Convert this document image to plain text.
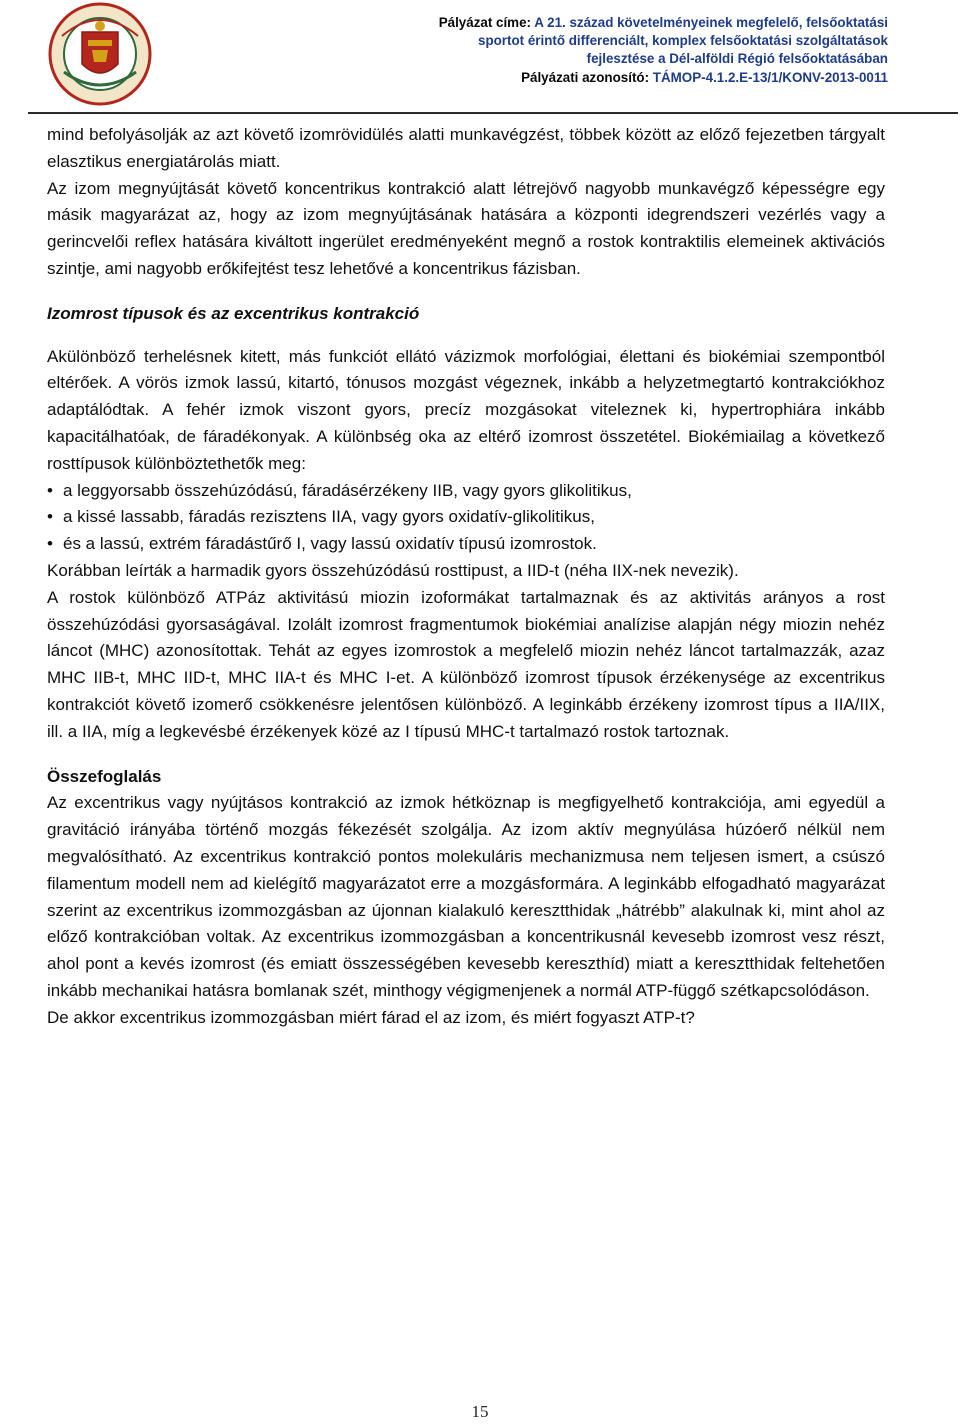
Pályázat címe: A 21. század követelményeinek megfelelő, felsőoktatási
sportot érintő differenciált, komplex felsőoktatási szolgáltatások
fejlesztése a Dél-alföldi Régió felsőoktatásában
Pályázati azonosító: TÁMOP-4.1.2.E-13/1/KONV-2013-0011

mind befolyásolják az azt követő izomrövidülés alatti munkavégzést, többek között az előző fejezetben tárgyalt elasztikus energiatárolás miatt.

Az izom megnyújtását követő koncentrikus kontrakció alatt létrejövő nagyobb munkavégző képességre egy másik magyarázat az, hogy az izom megnyújtásának hatására a központi idegrendszeri vezérlés vagy a gerincvelői reflex hatására kiváltott ingerület eredményeként megnő a rostok kontraktilis elemeinek aktivációs szintje, ami nagyobb erőkifejtést tesz lehetővé a koncentrikus fázisban.

Izomrost típusok és az excentrikus kontrakció

Akülönböző terhelésnek kitett, más funkciót ellátó vázizmok morfológiai, élettani és biokémiai szempontból eltérőek. A vörös izmok lassú, kitartó, tónusos mozgást végeznek, inkább a helyzetmegtartó kontrakciókhoz adaptálódtak. A fehér izmok viszont gyors, precíz mozgásokat viteleznek ki, hypertrophiára inkább kapacitálhatóak, de fáradékonyak. A különbség oka az eltérő izomrost összetétel. Biokémiailag a következő rosttípusok különböztethetők meg:

• a leggyorsabb összehúzódású, fáradásérzékeny IIB, vagy gyors glikolitikus,
• a kissé lassabb, fáradás rezisztens IIA, vagy gyors oxidatív-glikolitikus,
• és a lassú, extrém fáradástűrő I, vagy lassú oxidatív típusú izomrostok.

Korábban leírták a harmadik gyors összehúzódású rosttipust, a IID-t (néha IIX-nek nevezik).

A rostok különböző ATPáz aktivitású miozin izoformákat tartalmaznak és az aktivitás arányos a rost összehúzódási gyorsaságával. Izolált izomrost fragmentumok biokémiai analízise alapján négy miozin nehéz láncot (MHC) azonosítottak. Tehát az egyes izomrostok a megfelelő miozin nehéz láncot tartalmazzák, azaz MHC IIB-t, MHC IID-t, MHC IIA-t és MHC I-et. A különböző izomrost típusok érzékenysége az excentrikus kontrakciót követő izomerő csökkenésre jelentősen különböző. A leginkább érzékeny izomrost típus a IIA/IIX, ill. a IIA, míg a legkevésbé érzékenyek közé az I típusú MHC-t tartalmazó rostok tartoznak.

Összefoglalás

Az excentrikus vagy nyújtásos kontrakció az izmok hétköznap is megfigyelhető kontrakciója, ami egyedül a gravitáció irányába történő mozgás fékezését szolgálja. Az izom aktív megnyúlása húzóerő nélkül nem megvalósítható. Az excentrikus kontrakció pontos molekuláris mechanizmusa nem teljesen ismert, a csúszó filamentum modell nem ad kielégítő magyarázatot erre a mozgásformára. A leginkább elfogadható magyarázat szerint az excentrikus izommozgásban az újonnan kialakuló keresztthidak „hátrébb” alakulnak ki, mint ahol az előző kontrakcióban voltak. Az excentrikus izommozgásban a koncentrikusnál kevesebb izomrost vesz részt, ahol pont a kevés izomrost (és emiatt összességében kevesebb kereszthíd) miatt a keresztthidak feltehetően inkább mechanikai hatásra bomlanak szét, minthogy végigmenjenek a normál ATP-függő szétkapcsolódáson.

De akkor excentrikus izommozgásban miért fárad el az izom, és miért fogyaszt ATP-t?

15
